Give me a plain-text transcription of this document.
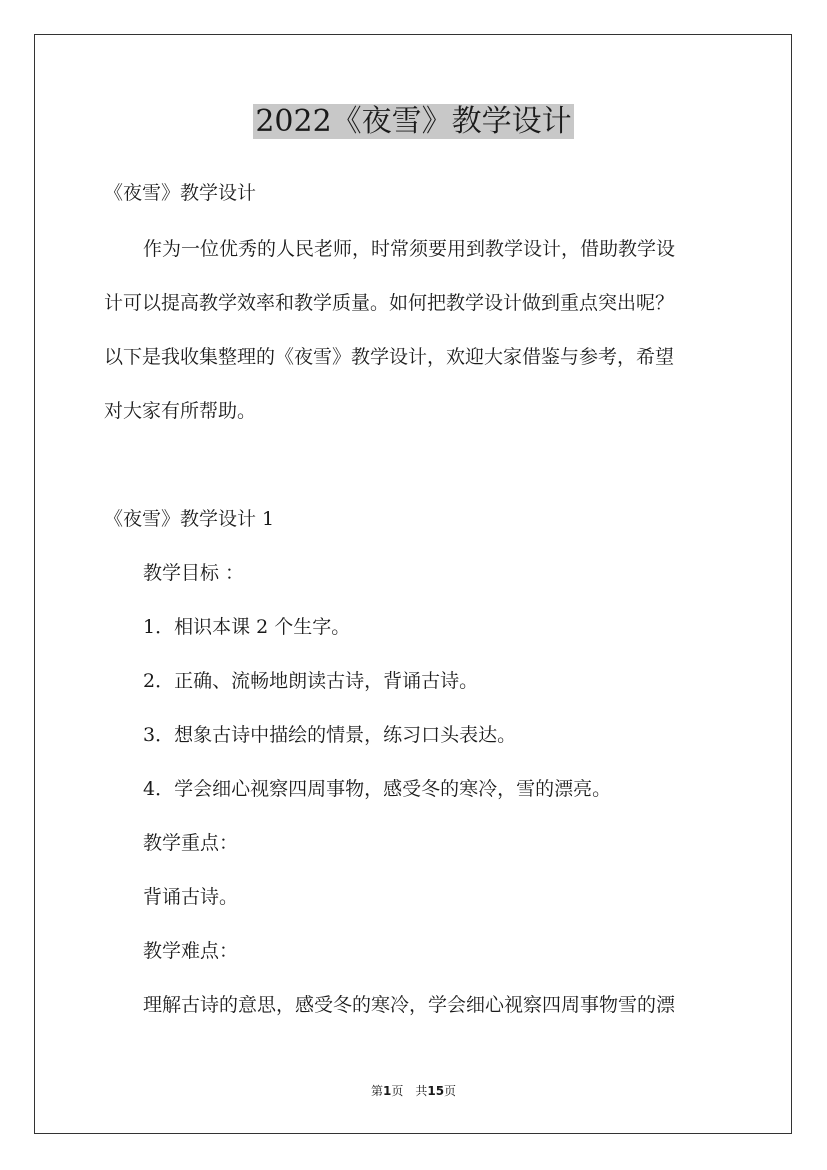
2022《夜雪》教学设计
《夜雪》教学设计
作为一位优秀的人民老师，时常须要用到教学设计，借助教学设
计可以提高教学效率和教学质量。如何把教学设计做到重点突出呢？
以下是我收集整理的《夜雪》教学设计，欢迎大家借鉴与参考，希望
对大家有所帮助。
《夜雪》教学设计 1
教学目标 ：
1．相识本课 2 个生字。
2．正确、流畅地朗读古诗，背诵古诗。
3．想象古诗中描绘的情景，练习口头表达。
4．学会细心视察四周事物，感受冬的寒冷，雪的漂亮。
教学重点：
背诵古诗。
教学难点：
理解古诗的意思，感受冬的寒冷，学会细心视察四周事物雪的漂
第1页 共15页
